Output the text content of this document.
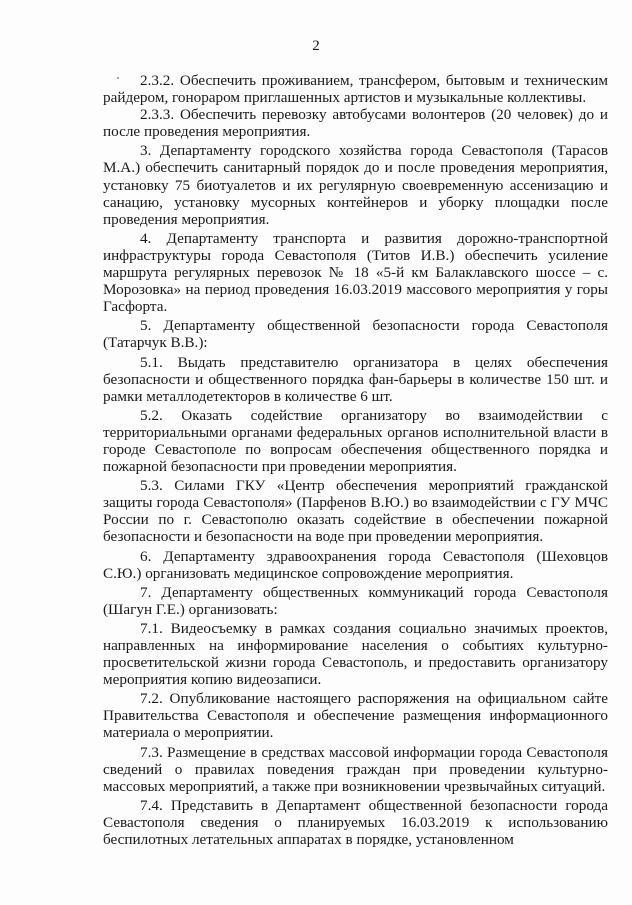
2

2.3.2. Обеспечить проживанием, трансфером, бытовым и техническим райдером, гонораром приглашенных артистов и музыкальные коллективы.

2.3.3. Обеспечить перевозку автобусами волонтеров (20 человек) до и после проведения мероприятия.

3. Департаменту городского хозяйства города Севастополя (Тарасов М.А.) обеспечить санитарный порядок до и после проведения мероприятия, установку 75 биотуалетов и их регулярную своевременную ассенизацию и санацию, установку мусорных контейнеров и уборку площадки после проведения мероприятия.

4. Департаменту транспорта и развития дорожно-транспортной инфраструктуры города Севастополя (Титов И.В.) обеспечить усиление маршрута регулярных перевозок № 18 «5-й км Балаклавского шоссе – с. Морозовка» на период проведения 16.03.2019 массового мероприятия у горы Гасфорта.

5. Департаменту общественной безопасности города Севастополя (Татарчук В.В.):

5.1. Выдать представителю организатора в целях обеспечения безопасности и общественного порядка фан-барьеры в количестве 150 шт. и рамки металлодетекторов в количестве 6 шт.

5.2. Оказать содействие организатору во взаимодействии с территориальными органами федеральных органов исполнительной власти в городе Севастополе по вопросам обеспечения общественного порядка и пожарной безопасности при проведении мероприятия.

5.3. Силами ГКУ «Центр обеспечения мероприятий гражданской защиты города Севастополя» (Парфенов В.Ю.) во взаимодействии с ГУ МЧС России по г. Севастополю оказать содействие в обеспечении пожарной безопасности и безопасности на воде при проведении мероприятия.

6. Департаменту здравоохранения города Севастополя (Шеховцов С.Ю.) организовать медицинское сопровождение мероприятия.

7. Департаменту общественных коммуникаций города Севастополя (Шагун Г.Е.) организовать:

7.1. Видеосъемку в рамках создания социально значимых проектов, направленных на информирование населения о событиях культурно-просветительской жизни города Севастополь, и предоставить организатору мероприятия копию видеозаписи.

7.2. Опубликование настоящего распоряжения на официальном сайте Правительства Севастополя и обеспечение размещения информационного материала о мероприятии.

7.3. Размещение в средствах массовой информации города Севастополя сведений о правилах поведения граждан при проведении культурно-массовых мероприятий, а также при возникновении чрезвычайных ситуаций.

7.4. Представить в Департамент общественной безопасности города Севастополя сведения о планируемых 16.03.2019 к использованию беспилотных летательных аппаратах в порядке, установленном
